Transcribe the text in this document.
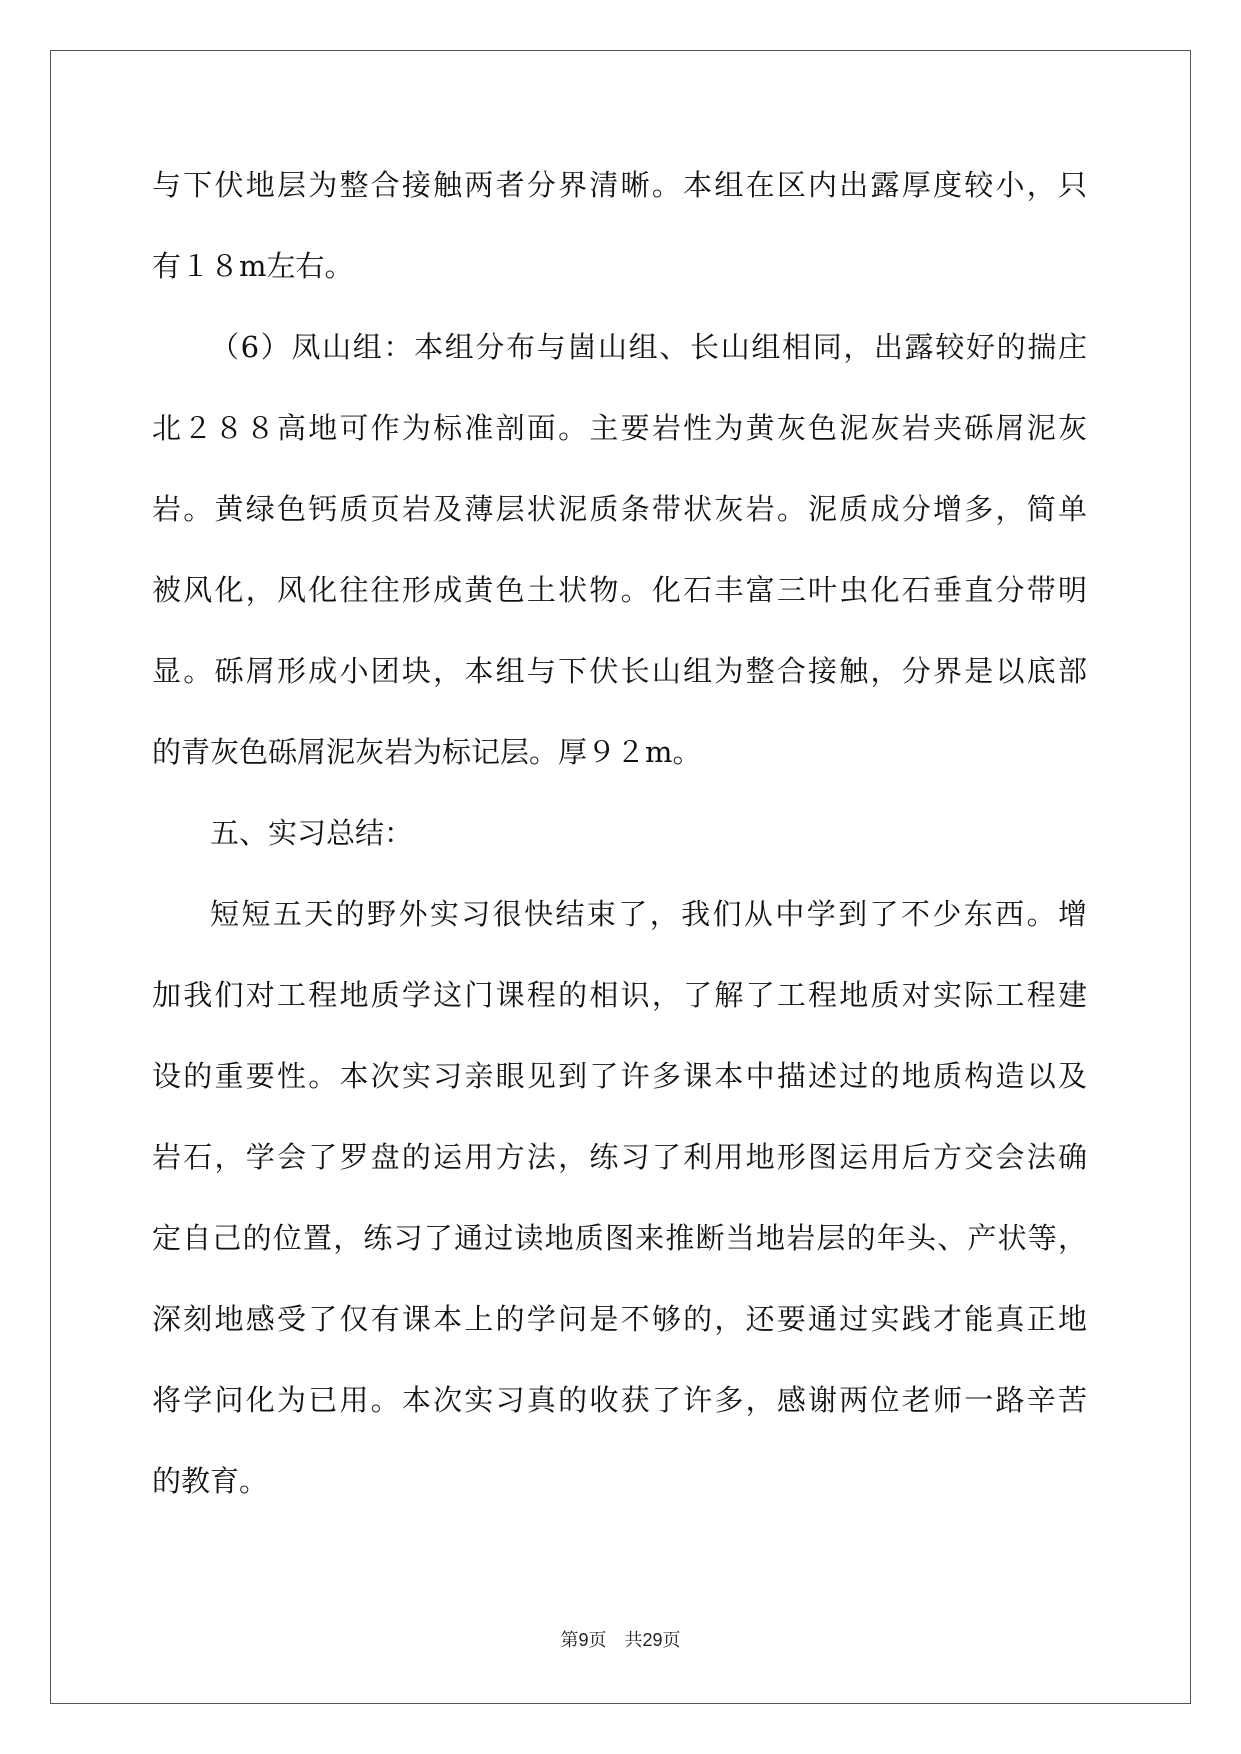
与下伏地层为整合接触两者分界清晰。本组在区内出露厚度较小，只
有１８m左右。
（6）凤山组：本组分布与崮山组、长山组相同，出露较好的揣庄
北２８８高地可作为标准剖面。主要岩性为黄灰色泥灰岩夹砾屑泥灰
岩。黄绿色钙质页岩及薄层状泥质条带状灰岩。泥质成分增多，简单
被风化，风化往往形成黄色土状物。化石丰富三叶虫化石垂直分带明
显。砾屑形成小团块，本组与下伏长山组为整合接触，分界是以底部
的青灰色砾屑泥灰岩为标记层。厚９２m。
五、实习总结：
短短五天的野外实习很快结束了，我们从中学到了不少东西。增
加我们对工程地质学这门课程的相识，了解了工程地质对实际工程建
设的重要性。本次实习亲眼见到了许多课本中描述过的地质构造以及
岩石，学会了罗盘的运用方法，练习了利用地形图运用后方交会法确
定自己的位置，练习了通过读地质图来推断当地岩层的年头、产状等，
深刻地感受了仅有课本上的学问是不够的，还要通过实践才能真正地
将学问化为已用。本次实习真的收获了许多，感谢两位老师一路辛苦
的教育。
第9页 共29页
